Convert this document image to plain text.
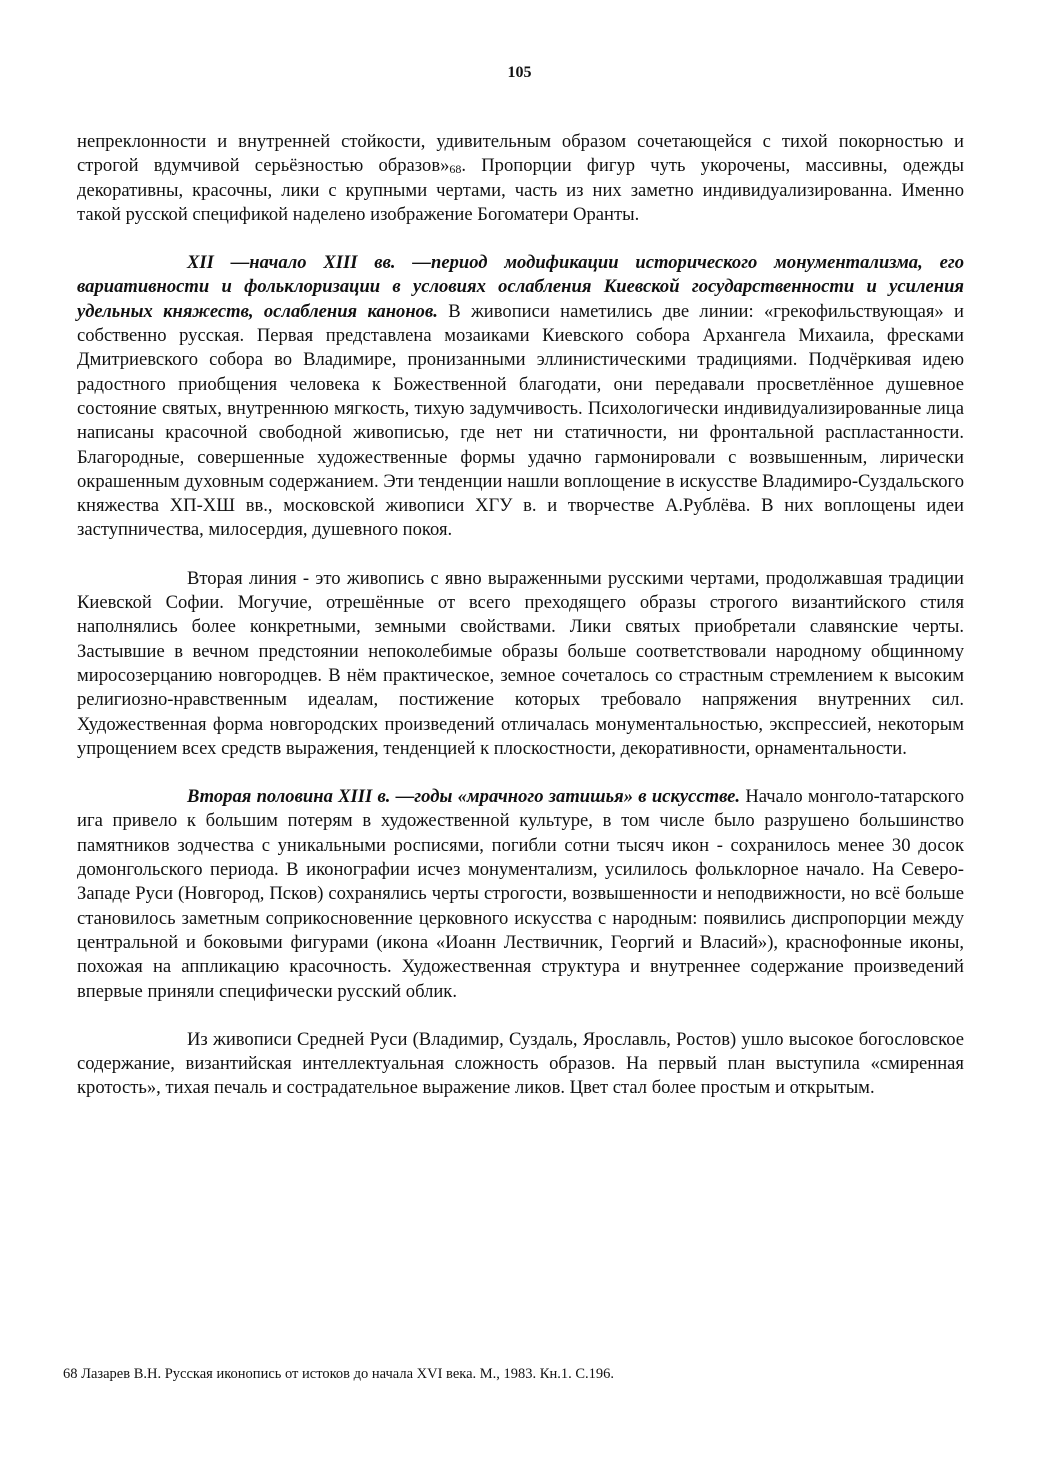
105

непреклонности и внутренней стойкости, удивительным образом сочетающейся с тихой покорностью и строгой вдумчивой серьёзностью образов»$^{68}$. Пропорции фигур чуть укорочены, массивны, одежды декоративны, красочны, лики с крупными чертами, часть из них заметно индивидуализированна. Именно такой русской спецификой наделено изображение Богоматери Оранты.

XII —начало XIII вв. —период модификации исторического монументализма, его вариативности и фольклоризации в условиях ослабления Киевской государственности и усиления удельных княжеств, ослабления канонов. В живописи наметились две линии: «грекофильствующая» и собственно русская. Первая представлена мозаиками Киевского собора Архангела Михаила, фресками Дмитриевского собора во Владимире, пронизанными эллинистическими традициями. Подчёркивая идею радостного приобщения человека к Божественной благодати, они передавали просветлённое душевное состояние святых, внутреннюю мягкость, тихую задумчивость. Психологически индивидуализированные лица написаны красочной свободной живописью, где нет ни статичности, ни фронтальной распластанности. Благородные, совершенные художественные формы удачно гармонировали с возвышенным, лирически окрашенным духовным содержанием. Эти тенденции нашли воплощение в искусстве Владимиро-Суздальского княжества ХП-ХШ вв., московской живописи ХГУ в. и творчестве А.Рублёва. В них воплощены идеи заступничества, милосердия, душевного покоя.

Вторая линия - это живопись с явно выраженными русскими чертами, продолжавшая традиции Киевской Софии. Могучие, отрешённые от всего преходящего образы строгого византийского стиля наполнялись более конкретными, земными свойствами. Лики святых приобретали славянские черты. Застывшие в вечном предстоянии непоколебимые образы больше соответствовали народному общинному миросозерцанию новгородцев. В нём практическое, земное сочеталось со страстным стремлением к высоким религиозно-нравственным идеалам, постижение которых требовало напряжения внутренних сил. Художественная форма новгородских произведений отличалась монументальностью, экспрессией, некоторым упрощением всех средств выражения, тенденцией к плоскостности, декоративности, орнаментальности.

Вторая половина XIII в. —годы «мрачного затишья» в искусстве. Начало монголо-татарского ига привело к большим потерям в художественной культуре, в том числе было разрушено большинство памятников зодчества с уникальными росписями, погибли сотни тысяч икон - сохранилось менее 30 досок домонгольского периода. В иконографии исчез монументализм, усилилось фольклорное начало. На Северо-Западе Руси (Новгород, Псков) сохранялись черты строгости, возвышенности и неподвижности, но всё больше становилось заметным соприкосновенние церковного искусства с народным: появились диспропорции между центральной и боковыми фигурами (икона «Иоанн Лествичник, Георгий и Власий»), краснофонные иконы, похожая на аппликацию красочность. Художественная структура и внутреннее содержание произведений впервые приняли специфически русский облик.

Из живописи Средней Руси (Владимир, Суздаль, Ярославль, Ростов) ушло высокое богословское содержание, византийская интеллектуальная сложность образов. На первый план выступила «смиренная кротость», тихая печаль и сострадательное выражение ликов. Цвет стал более простым и открытым.

68 Лазарев В.Н. Русская иконопись от истоков до начала XVI века. М., 1983. Кн.1. С.196.
